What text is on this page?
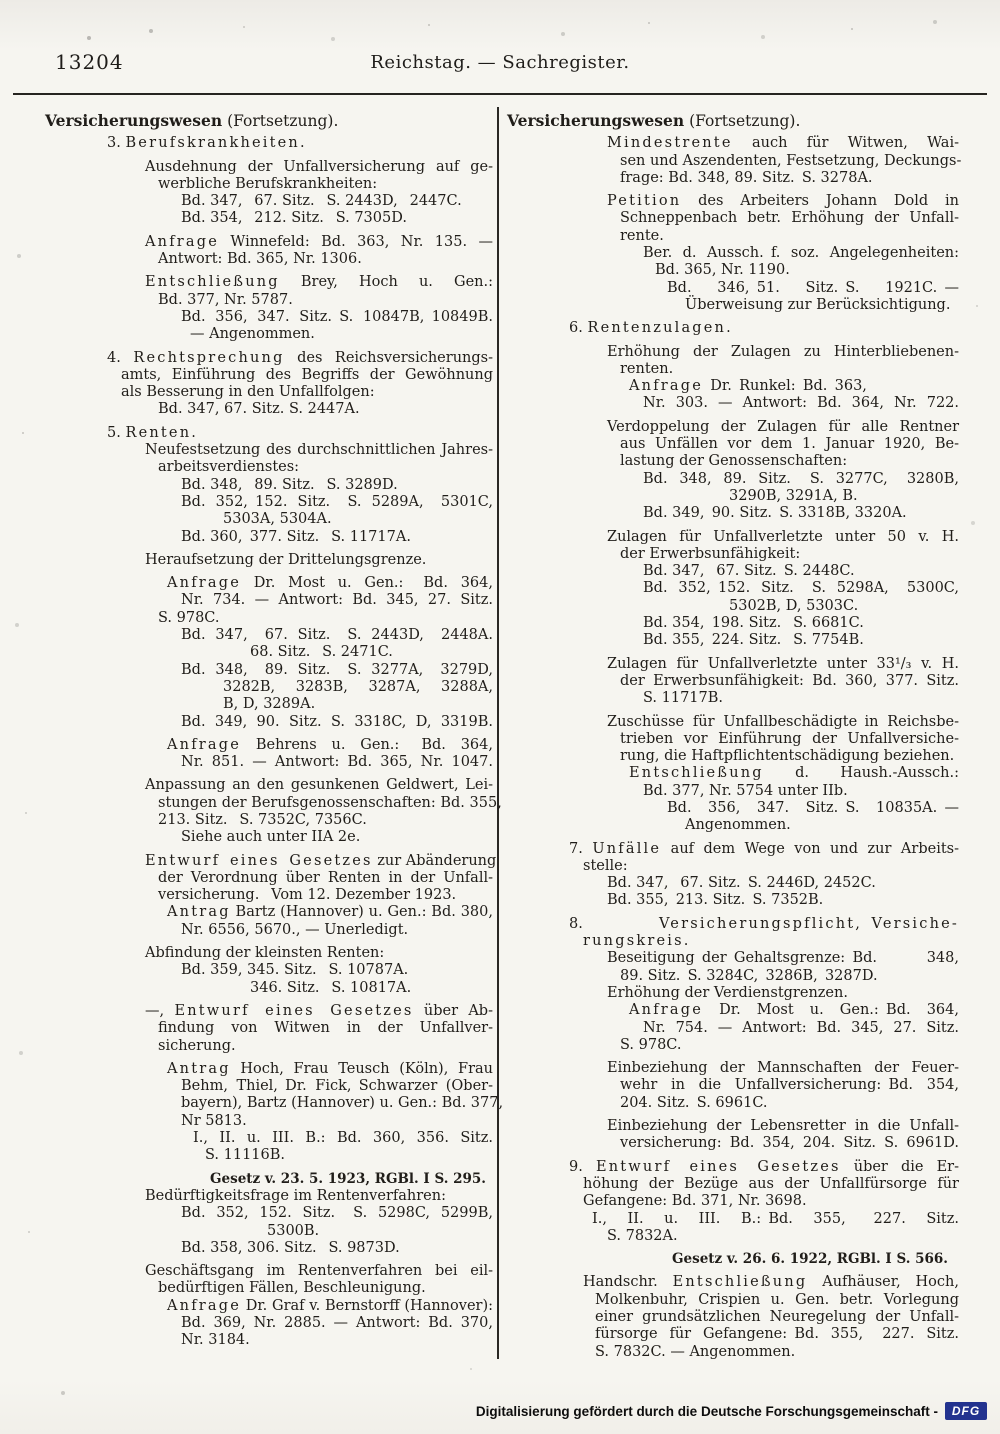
13204	Reichstag. — Sachregister.
Versicherungswesen (Fortsetzung).
3. Berufskrankheiten.
Ausdehnung der Unfallversicherung auf ge-
werbliche Berufskrankheiten:
Bd. 347,  67. Sitz.  S. 2443D,  2447C.
Bd. 354,  212. Sitz.  S. 7305D.
Anfrage Winnefeld: Bd. 363, Nr. 135. —
Antwort: Bd. 365, Nr. 1306.
Entschließung Brey, Hoch u. Gen.:
Bd. 377, Nr. 5787.
Bd. 356, 347. Sitz. S. 10847B, 10849B.
— Angenommen.
4. Rechtsprechung des Reichsversicherungs-
amts, Einführung des Begriffs der Gewöhnung
als Besserung in den Unfallfolgen:
Bd. 347, 67. Sitz. S. 2447A.
5. Renten.
Neufestsetzung des durchschnittlichen Jahres-
arbeitsverdienstes:
Bd. 348,  89. Sitz.  S. 3289D.
Bd. 352, 152. Sitz.  S. 5289A,  5301C,
5303A, 5304A.
Bd. 360, 377. Sitz.  S. 11717A.
Heraufsetzung der Drittelungsgrenze.
Anfrage Dr. Most u. Gen.:  Bd. 364,
Nr. 734. — Antwort: Bd. 345, 27. Sitz.
S. 978C.
Bd. 347,  67. Sitz.  S. 2443D,  2448A.
68. Sitz.  S. 2471C.
Bd. 348,  89. Sitz.  S. 3277A,  3279D,
3282B, 3283B, 3287A, 3288A,
B, D, 3289A.
Bd. 349, 90. Sitz. S. 3318C, D, 3319B.
Anfrage Behrens u. Gen.:  Bd. 364,
Nr. 851. — Antwort: Bd. 365, Nr. 1047.
Anpassung an den gesunkenen Geldwert, Lei-
stungen der Berufsgenossenschaften: Bd. 355,
213. Sitz.  S. 7352C, 7356C.
Siehe auch unter IIA 2e.
Entwurf eines Gesetzes zur Abänderung
der Verordnung über Renten in der Unfall-
versicherung.  Vom 12. Dezember 1923.
Antrag Bartz (Hannover) u. Gen.: Bd. 380,
Nr. 6556, 5670., — Unerledigt.
Abfindung der kleinsten Renten:
Bd. 359, 345. Sitz.  S. 10787A.
346. Sitz.  S. 10817A.
—, Entwurf eines Gesetzes über Ab-
findung von Witwen in der Unfallver-
sicherung.
Antrag Hoch, Frau Teusch (Köln), Frau
Behm, Thiel, Dr. Fick, Schwarzer (Ober-
bayern), Bartz (Hannover) u. Gen.: Bd. 377,
Nr 5813.
I., II. u. III. B.: Bd. 360, 356. Sitz.
S. 11116B.
Gesetz v. 23. 5. 1923, RGBl. I S. 295.
Bedürftigkeitsfrage im Rentenverfahren:
Bd. 352, 152. Sitz.  S. 5298C, 5299B,
5300B.
Bd. 358, 306. Sitz.  S. 9873D.
Geschäftsgang im Rentenverfahren bei eil-
bedürftigen Fällen, Beschleunigung.
Anfrage Dr. Graf v. Bernstorff (Hannover):
Bd. 369, Nr. 2885. — Antwort: Bd. 370,
Nr. 3184.
Versicherungswesen (Fortsetzung).
Mindestrente auch für Witwen, Wai-
sen und Aszendenten, Festsetzung, Deckungs-
frage: Bd. 348, 89. Sitz. S. 3278A.
Petition des Arbeiters Johann Dold in
Schneppenbach betr. Erhöhung der Unfall-
rente.
Ber. d. Aussch. f. soz. Angelegenheiten:
Bd. 365, Nr. 1190.
Bd. 346, 51. Sitz. S. 1921C. —
Überweisung zur Berücksichtigung.
6. Rentenzulagen.
Erhöhung der Zulagen zu Hinterbliebenen-
renten.
Anfrage Dr. Runkel: Bd. 363,
Nr. 303. — Antwort: Bd. 364, Nr. 722.
Verdoppelung der Zulagen für alle Rentner
aus Unfällen vor dem 1. Januar 1920, Be-
lastung der Genossenschaften:
Bd. 348, 89. Sitz.  S. 3277C,  3280B,
3290B, 3291A, B.
Bd. 349, 90. Sitz. S. 3318B, 3320A.
Zulagen für Unfallverletzte unter 50 v. H.
der Erwerbsunfähigkeit:
Bd. 347,  67. Sitz. S. 2448C.
Bd. 352, 152. Sitz.  S. 5298A,  5300C,
5302B, D, 5303C.
Bd. 354, 198. Sitz.  S. 6681C.
Bd. 355, 224. Sitz.  S. 7754B.
Zulagen für Unfallverletzte unter 33¹/₃ v. H.
der Erwerbsunfähigkeit: Bd. 360, 377. Sitz.
S. 11717B.
Zuschüsse für Unfallbeschädigte in Reichsbe-
trieben vor Einführung der Unfallversiche-
rung, die Haftpflichtentschädigung beziehen.
Entschließung d. Haush.-Aussch.:
Bd. 377, Nr. 5754 unter IIb.
Bd. 356, 347. Sitz. S. 10835A. —
Angenommen.
7. Unfälle auf dem Wege von und zur Arbeits-
stelle:
Bd. 347,  67. Sitz. S. 2446D, 2452C.
Bd. 355, 213. Sitz. S. 7352B.
8. Versicherungspflicht, Versiche-
rungskreis.
Beseitigung der Gehaltsgrenze: Bd. 348,
89. Sitz. S. 3284C, 3286B, 3287D.
Erhöhung der Verdienstgrenzen.
Anfrage Dr. Most u. Gen.: Bd. 364,
Nr. 754. — Antwort: Bd. 345, 27. Sitz.
S. 978C.
Einbeziehung der Mannschaften der Feuer-
wehr in die Unfallversicherung: Bd. 354,
204. Sitz. S. 6961C.
Einbeziehung der Lebensretter in die Unfall-
versicherung: Bd. 354, 204. Sitz. S. 6961D.
9. Entwurf eines Gesetzes über die Er-
höhung der Bezüge aus der Unfallfürsorge für
Gefangene: Bd. 371, Nr. 3698.
I., II. u. III. B.: Bd. 355,  227. Sitz.
S. 7832A.
Gesetz v. 26. 6. 1922, RGBl. I S. 566.
Handschr. Entschließung Aufhäuser, Hoch,
Molkenbuhr, Crispien u. Gen. betr. Vorlegung
einer grundsätzlichen Neuregelung der Unfall-
fürsorge für Gefangene: Bd. 355,  227. Sitz.
S. 7832C. — Angenommen.
Digitalisierung gefördert durch die Deutsche Forschungsgemeinschaft -	DFG
